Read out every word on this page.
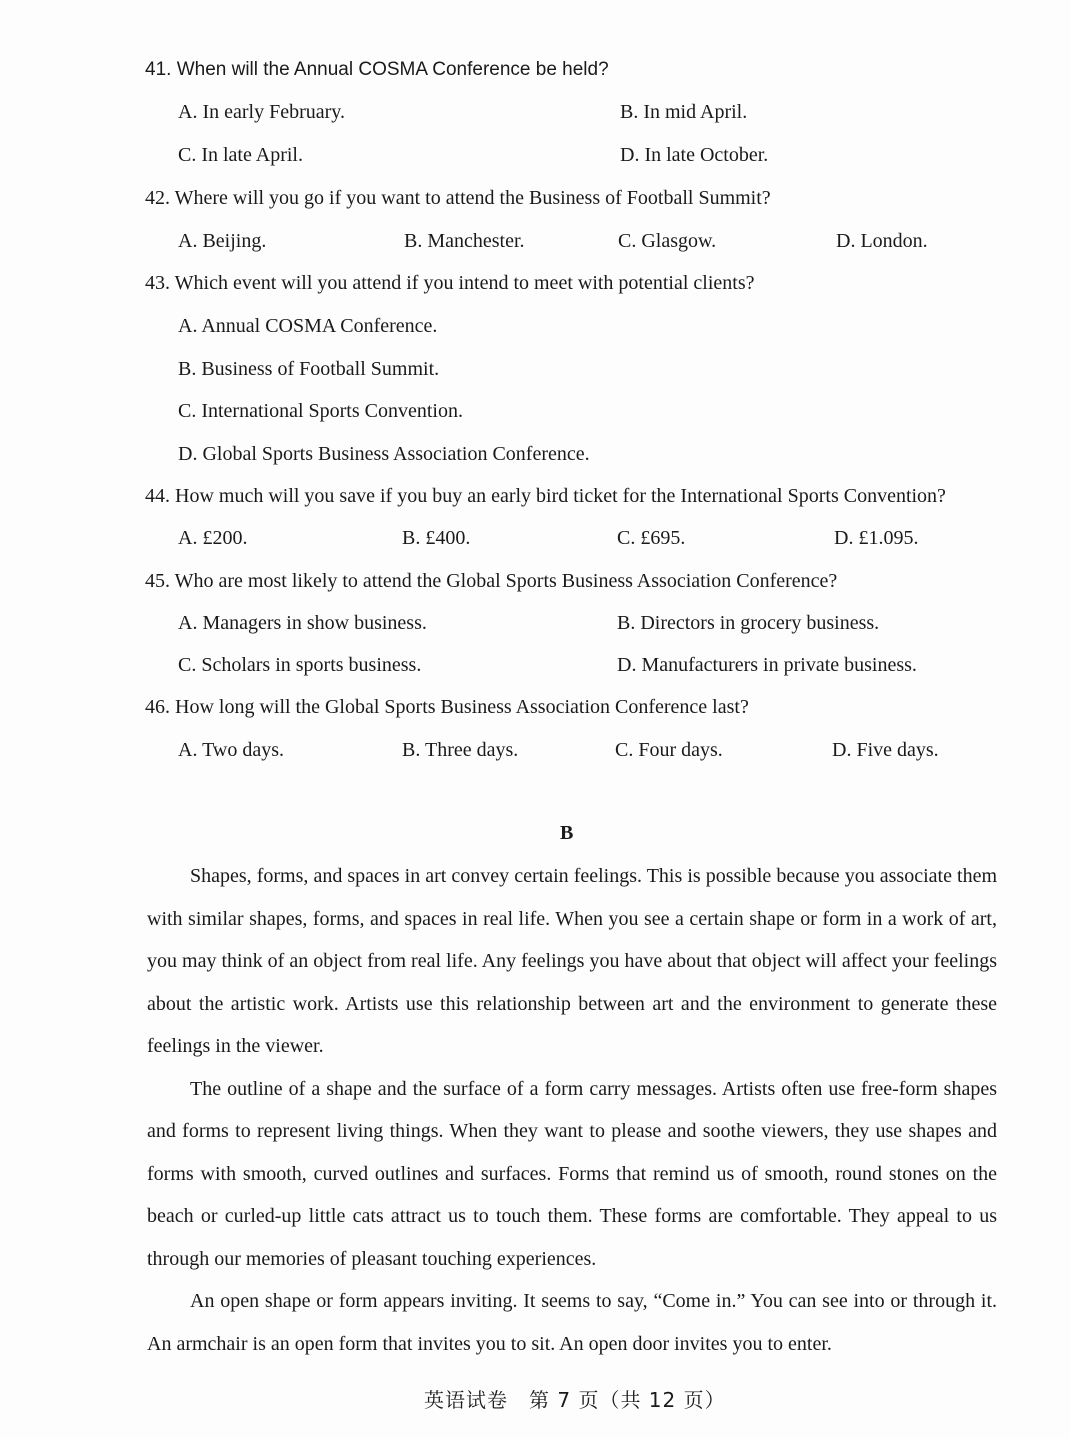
41. When will the Annual COSMA Conference be held?
A. In early February.	B. In mid April.
C. In late April.	D. In late October.
42. Where will you go if you want to attend the Business of Football Summit?
A. Beijing.	B. Manchester.	C. Glasgow.	D. London.
43. Which event will you attend if you intend to meet with potential clients?
A. Annual COSMA Conference.
B. Business of Football Summit.
C. International Sports Convention.
D. Global Sports Business Association Conference.
44. How much will you save if you buy an early bird ticket for the International Sports Convention?
A. £200.	B. £400.	C. £695.	D. £1.095.
45. Who are most likely to attend the Global Sports Business Association Conference?
A. Managers in show business.	B. Directors in grocery business.
C. Scholars in sports business.	D. Manufacturers in private business.
46. How long will the Global Sports Business Association Conference last?
A. Two days.	B. Three days.	C. Four days.	D. Five days.
B

Shapes, forms, and spaces in art convey certain feelings. This is possible because you associate them with similar shapes, forms, and spaces in real life. When you see a certain shape or form in a work of art, you may think of an object from real life. Any feelings you have about that object will affect your feelings about the artistic work. Artists use this relationship between art and the environment to generate these feelings in the viewer.

The outline of a shape and the surface of a form carry messages. Artists often use free-form shapes and forms to represent living things. When they want to please and soothe viewers, they use shapes and forms with smooth, curved outlines and surfaces. Forms that remind us of smooth, round stones on the beach or curled-up little cats attract us to touch them. These forms are comfortable. They appeal to us through our memories of pleasant touching experiences.

An open shape or form appears inviting. It seems to say, “Come in.” You can see into or through it. An armchair is an open form that invites you to sit. An open door invites you to enter.

英语试卷　第 7 页（共 12 页）
